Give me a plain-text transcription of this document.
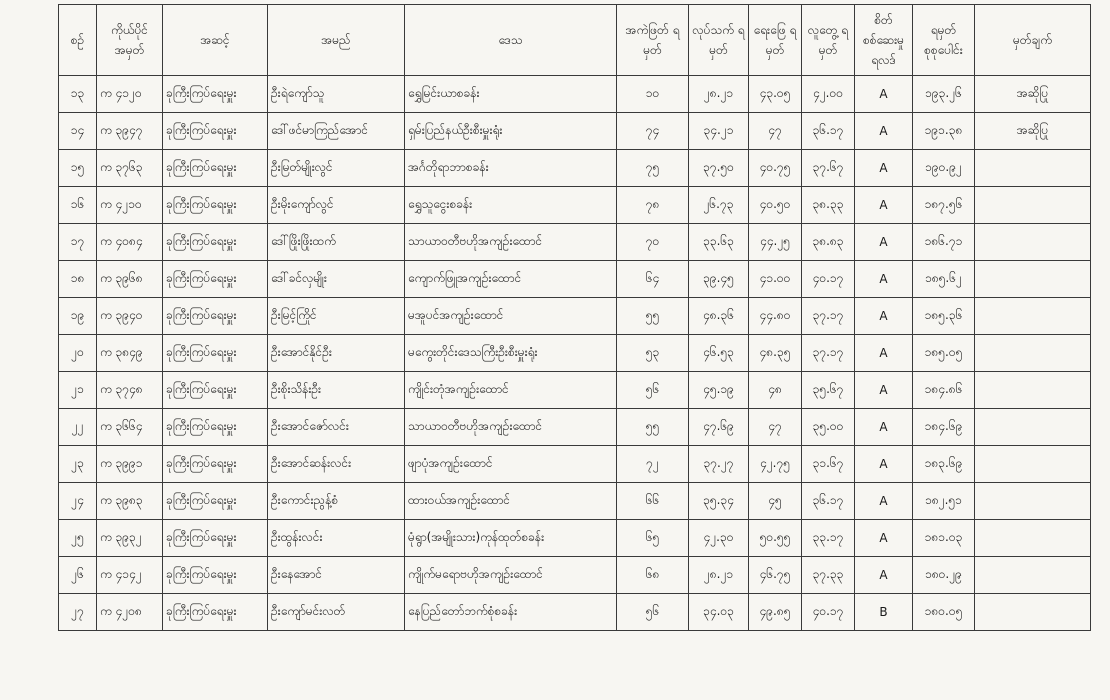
စဉ်	ကိုယ်ပိုင် အမှတ်	အဆင့်	အမည်	ဒေသ	အကဲဖြတ် ရမှတ်	လုပ်သက် ရမှတ်	ရေးဖြေ ရမှတ်	လူတွေ့ ရမှတ်	စိတ် စစ်ဆေးမှု ရလဒ်	ရမှတ် စုစုပေါင်း	မှတ်ချက်
၁၃	က ၄၁၂၀	ခုကြီးကြပ်ရေးမှူး	ဦးရဲကျော်သူ	ရွှေမြင်းယာစခန်း	၁၀	၂၈.၂၁	၄၃.၀၅	၄၂.၀၀	A	၁၉၃.၂၆	အဆိုပြု
၁၄	က ၃၉၄၇	ခုကြီးကြပ်ရေးမှူး	ဒေါ်ဖင်မာကြည်အောင်	ရှမ်းပြည်နယ်ဦးစီးမှူးရုံး	၇၄	၃၄.၂၁	၄၇	၃၆.၁၇	A	၁၉၁.၃၈	အဆိုပြု
၁၅	က ၃၇၆၃	ခုကြီးကြပ်ရေးမှူး	ဦးမြတ်မျိုးလွင်	အင်္ဂတိုရာဘာစခန်း	၇၅	၃၇.၅၀	၄၀.၇၅	၃၇.၆၇	A	၁၉၀.၉၂	
၁၆	က ၄၂၁၀	ခုကြီးကြပ်ရေးမှူး	ဦးမိုးကျော်လွင်	ရွှေသူငွေးစခန်း	၇၈	၂၆.၇၃	၄၀.၅၀	၃၈.၃၃	A	၁၈၇.၅၆	
၁၇	က ၄၀၈၄	ခုကြီးကြပ်ရေးမှူး	ဒေါ်ဖြိုးဖြိုးထက်	သာယာဝတီဗဟိုအကျဉ်းထောင်	၇၀	၃၃.၆၃	၄၄.၂၅	၃၈.၈၃	A	၁၈၆.၇၁	
၁၈	က ၃၉၆၈	ခုကြီးကြပ်ရေးမှူး	ဒေါ်ခင်လှမျိုး	ကျောက်ဖြူအကျဉ်းထောင်	၆၄	၃၉.၄၅	၄၁.၀၀	၄၀.၁၇	A	၁၈၅.၆၂	
၁၉	က ၃၉၄၀	ခုကြီးကြပ်ရေးမှူး	ဦးမြင့်ကြိုင်	မအူပင်အကျဉ်းထောင်	၅၅	၄၈.၃၆	၄၄.၈၀	၃၇.၁၇	A	၁၈၅.၃၆	
၂၀	က ၃၈၄၉	ခုကြီးကြပ်ရေးမှူး	ဦးအောင်နိုင်ဦး	မကွေးတိုင်းဒေသကြီးဦးစီးမှူးရုံး	၅၃	၄၆.၅၃	၄၈.၃၅	၃၇.၁၇	A	၁၈၅.၀၅	
၂၁	က ၃၇၄၈	ခုကြီးကြပ်ရေးမှူး	ဦးစိုးသိန်းဦး	ကျိုင်းတုံအကျဉ်းထောင်	၅၆	၄၅.၁၉	၄၈	၃၅.၆၇	A	၁၈၄.၈၆	
၂၂	က ၃၆၆၄	ခုကြီးကြပ်ရေးမှူး	ဦးအောင်ဇော်လင်း	သာယာဝတီဗဟိုအကျဉ်းထောင်	၅၅	၄၇.၆၉	၄၇	၃၅.၀၀	A	၁၈၄.၆၉	
၂၃	က ၃၉၉၁	ခုကြီးကြပ်ရေးမှူး	ဦးအောင်ဆန်းလင်း	ဖျာပုံအကျဉ်းထောင်	၇၂	၃၇.၂၇	၄၂.၇၅	၃၁.၆၇	A	၁၈၃.၆၉	
၂၄	က ၃၉၈၃	ခုကြီးကြပ်ရေးမှူး	ဦးကောင်းညွန့်စံ	ထားဝယ်အကျဉ်းထောင်	၆၆	၃၅.၃၄	၄၅	၃၆.၁၇	A	၁၈၂.၅၁	
၂၅	က ၃၉၃၂	ခုကြီးကြပ်ရေးမှူး	ဦးထွန်းလင်း	မုံရွာ(အမျိုးသား)ကုန်ထုတ်စခန်း	၆၅	၄၂.၃၀	၅၀.၅၅	၃၃.၁၇	A	၁၈၁.၀၃	
၂၆	က ၄၁၄၂	ခုကြီးကြပ်ရေးမှူး	ဦးနေအောင်	ကျိုက်မရောဗဟိုအကျဉ်းထောင်	၆၈	၂၈.၂၁	၄၆.၇၅	၃၇.၃၃	A	၁၈၀.၂၉	
၂၇	က ၄၂၀၈	ခုကြီးကြပ်ရေးမှူး	ဦးကျော်မင်းလတ်	နေပြည်တော်ဘက်စုံစခန်း	၅၆	၃၄.၀၃	၄၉.၈၅	၄၀.၁၇	B	၁၈၀.၀၅	
